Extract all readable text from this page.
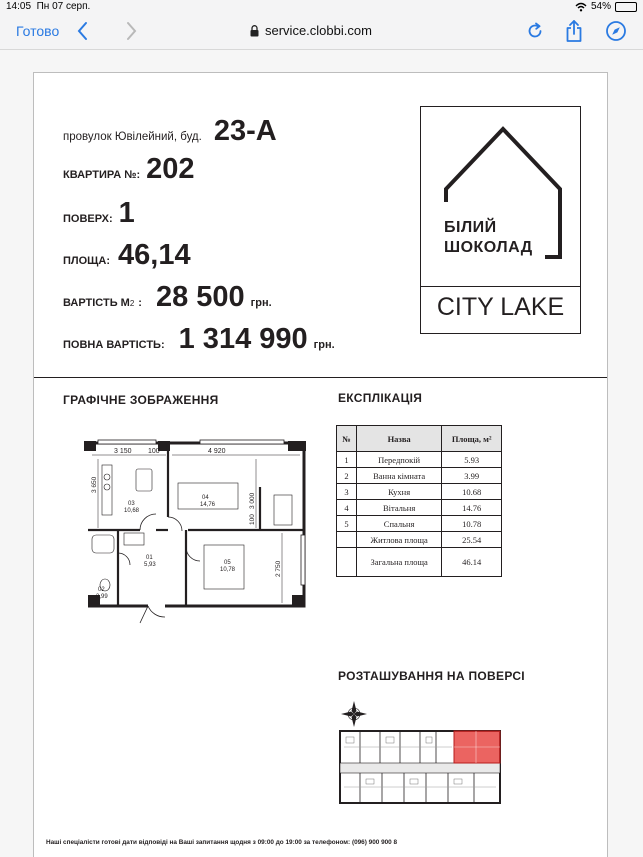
14:05 Пн 07 серп.	54%
Готово	service.clobbi.com
провулок Ювілейний, буд. 23-А
КВАРТИРА №: 202
ПОВЕРХ: 1
ПЛОЩА: 46,14
ВАРТІСТЬ М 2 : 28 500 грн.
ПОВНА ВАРТІСТЬ: 1 314 990 грн.
БІЛИЙ
ШОКОЛАД
CITY LAKE
ГРАФІЧНЕ ЗОБРАЖЕННЯ	ЕКСПЛІКАЦІЯ
3 150 100	4 920
3 650
100
3 000
2 750
03
10,68
04
14,76
01
5,93	05
10,78
02
3,99
№	Назва	Площа, м²
1	Передпокій	5.93
2	Ванна кімната	3.99
3	Кухня	10.68
4	Вітальня	14.76
5	Спальня	10.78
	Житлова площа	25.54
	Загальна площа	46.14
РОЗТАШУВАННЯ НА ПОВЕРСІ
Наші спеціалісти готові дати відповіді на Ваші запитання щодня з 09:00 до 19:00 за телефоном: (096) 900 900 8
